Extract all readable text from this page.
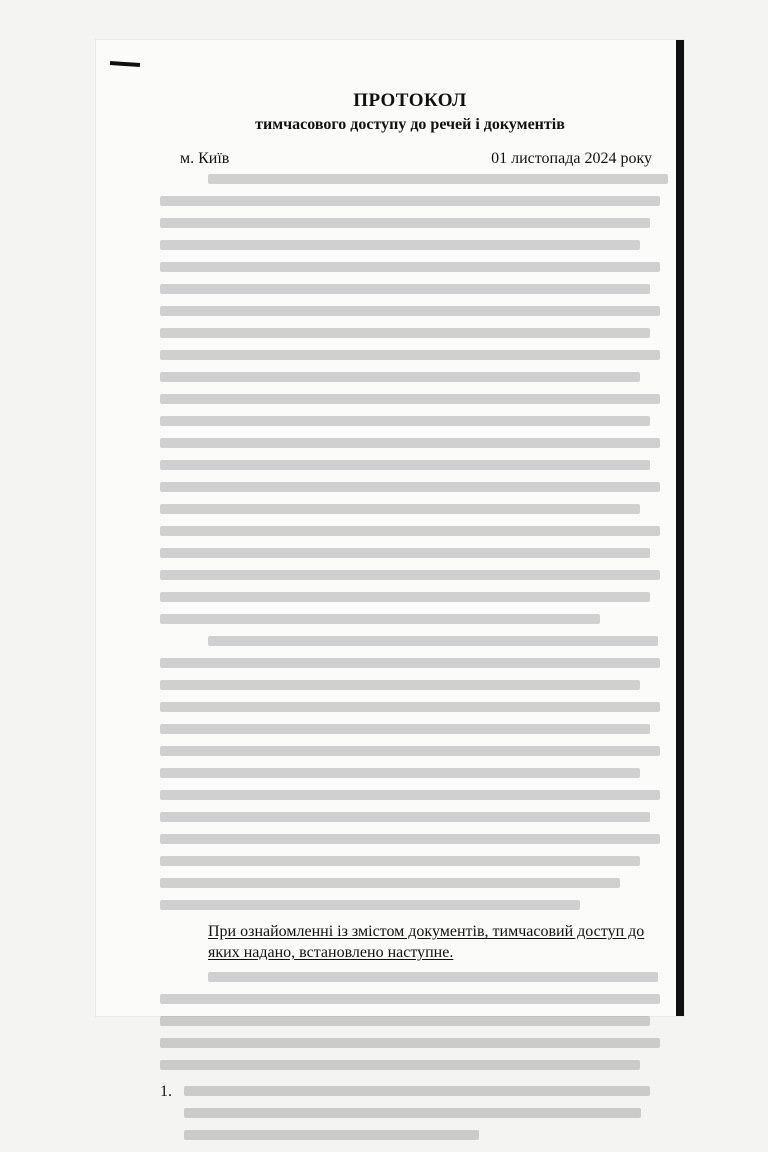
ПРОТОКОЛ
тимчасового доступу до речей і документів
м. Київ	01 листопада 2024 року
При ознайомленні із змістом документів, тимчасовий доступ до яких надано, встановлено наступне.
1.
